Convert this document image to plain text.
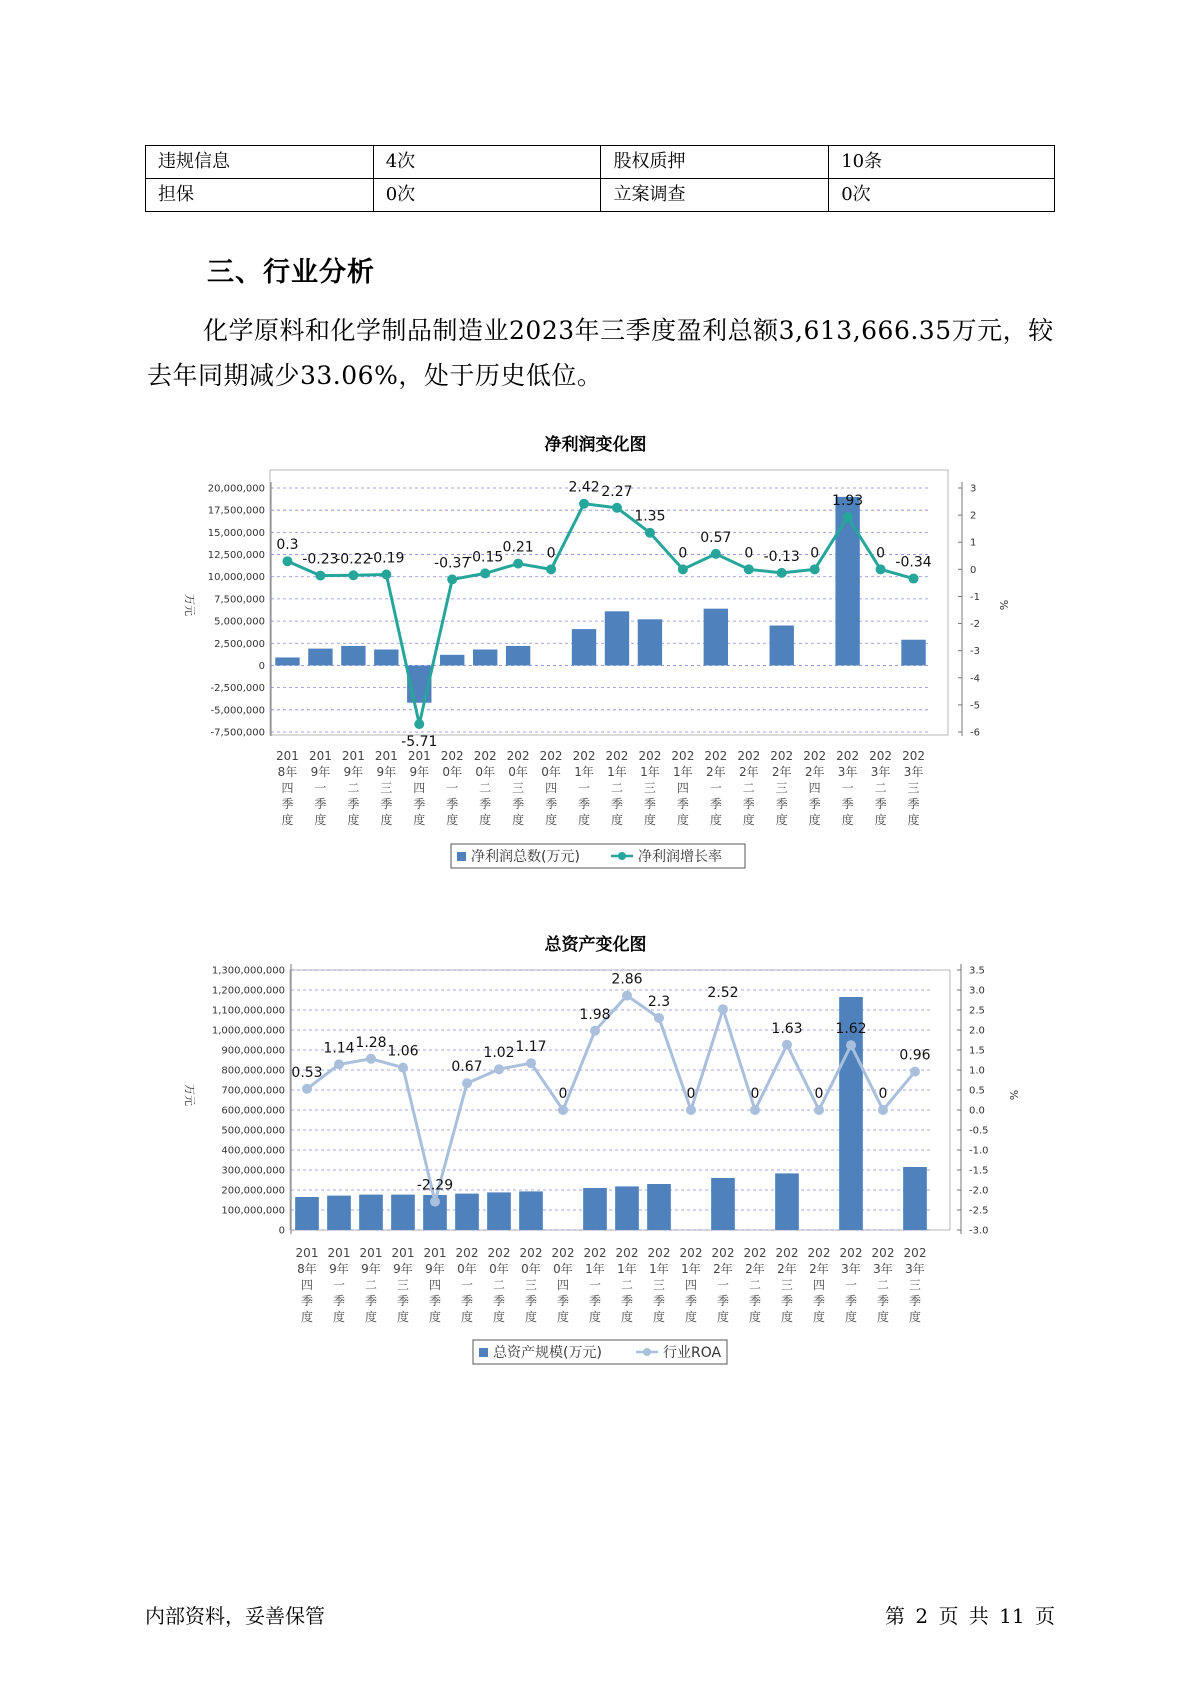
违规信息	4次	股权质押	10条
担保	0次	立案调查	0次
三、行业分析

化学原料和化学制品制造业2023年三季度盈利总额3,613,666.35万元，较去年同期减少33.06%，处于历史低位。

净利润变化图
20,000,000
17,500,000
15,000,000
12,500,000
10,000,000
7,500,000
5,000,000
2,500,000
0
-2,500,000
-5,000,000
-7,500,000
3
2
1
0
-1
-2
-3
-4
-5
-6
万元	%
0.3
-0.23
-0.22
-0.19
-5.71
-0.37
-0.15
0.21 0
2.42 2.27
1.35
0
0.57
0 -0.13 0
1.93
0
-0.34
201
8年
四
季
度
201
9年
一
季
度
201
9年
二
季
度
201
9年
三
季
度
201
9年
四
季
度
202
0年
一
季
度
202
0年
二
季
度
202
0年
三
季
度
202
0年
四
季
度
202
1年
一
季
度
202
1年
二
季
度
202
1年
三
季
度
202
1年
四
季
度
202
2年
一
季
度
202
2年
二
季
度
202
2年
三
季
度
202
2年
四
季
度
202
3年
一
季
度
202
3年
二
季
度
202
3年
三
季
度
净利润总数(万元)	净利润增长率
总资产变化图
1,300,000,000
1,200,000,000
1,100,000,000
1,000,000,000
900,000,000
800,000,000
700,000,000
600,000,000
500,000,000
400,000,000
300,000,000
200,000,000
100,000,000
0
3.5
3.0
2.5
2.0
1.5
1.0
0.5
0.0
-0.5
-1.0
-1.5
-2.0
-2.5
-3.0
万元	%
0.53
1.14 1.28
1.06
-2.29
0.67
1.02 1.17
0
1.98
2.86
2.3
0
2.52
0
1.63
0
1.62
0
0.96
201
8年
四
季
度
201
9年
一
季
度
201
9年
二
季
度
201
9年
三
季
度
201
9年
四
季
度
202
0年
一
季
度
202
0年
二
季
度
202
0年
三
季
度
202
0年
四
季
度
202
1年
一
季
度
202
1年
二
季
度
202
1年
三
季
度
202
1年
四
季
度
202
2年
一
季
度
202
2年
二
季
度
202
2年
三
季
度
202
2年
四
季
度
202
3年
一
季
度
202
3年
二
季
度
202
3年
三
季
度
总资产规模(万元)	行业ROA
内部资料，妥善保管	第 2 页 共 11 页
